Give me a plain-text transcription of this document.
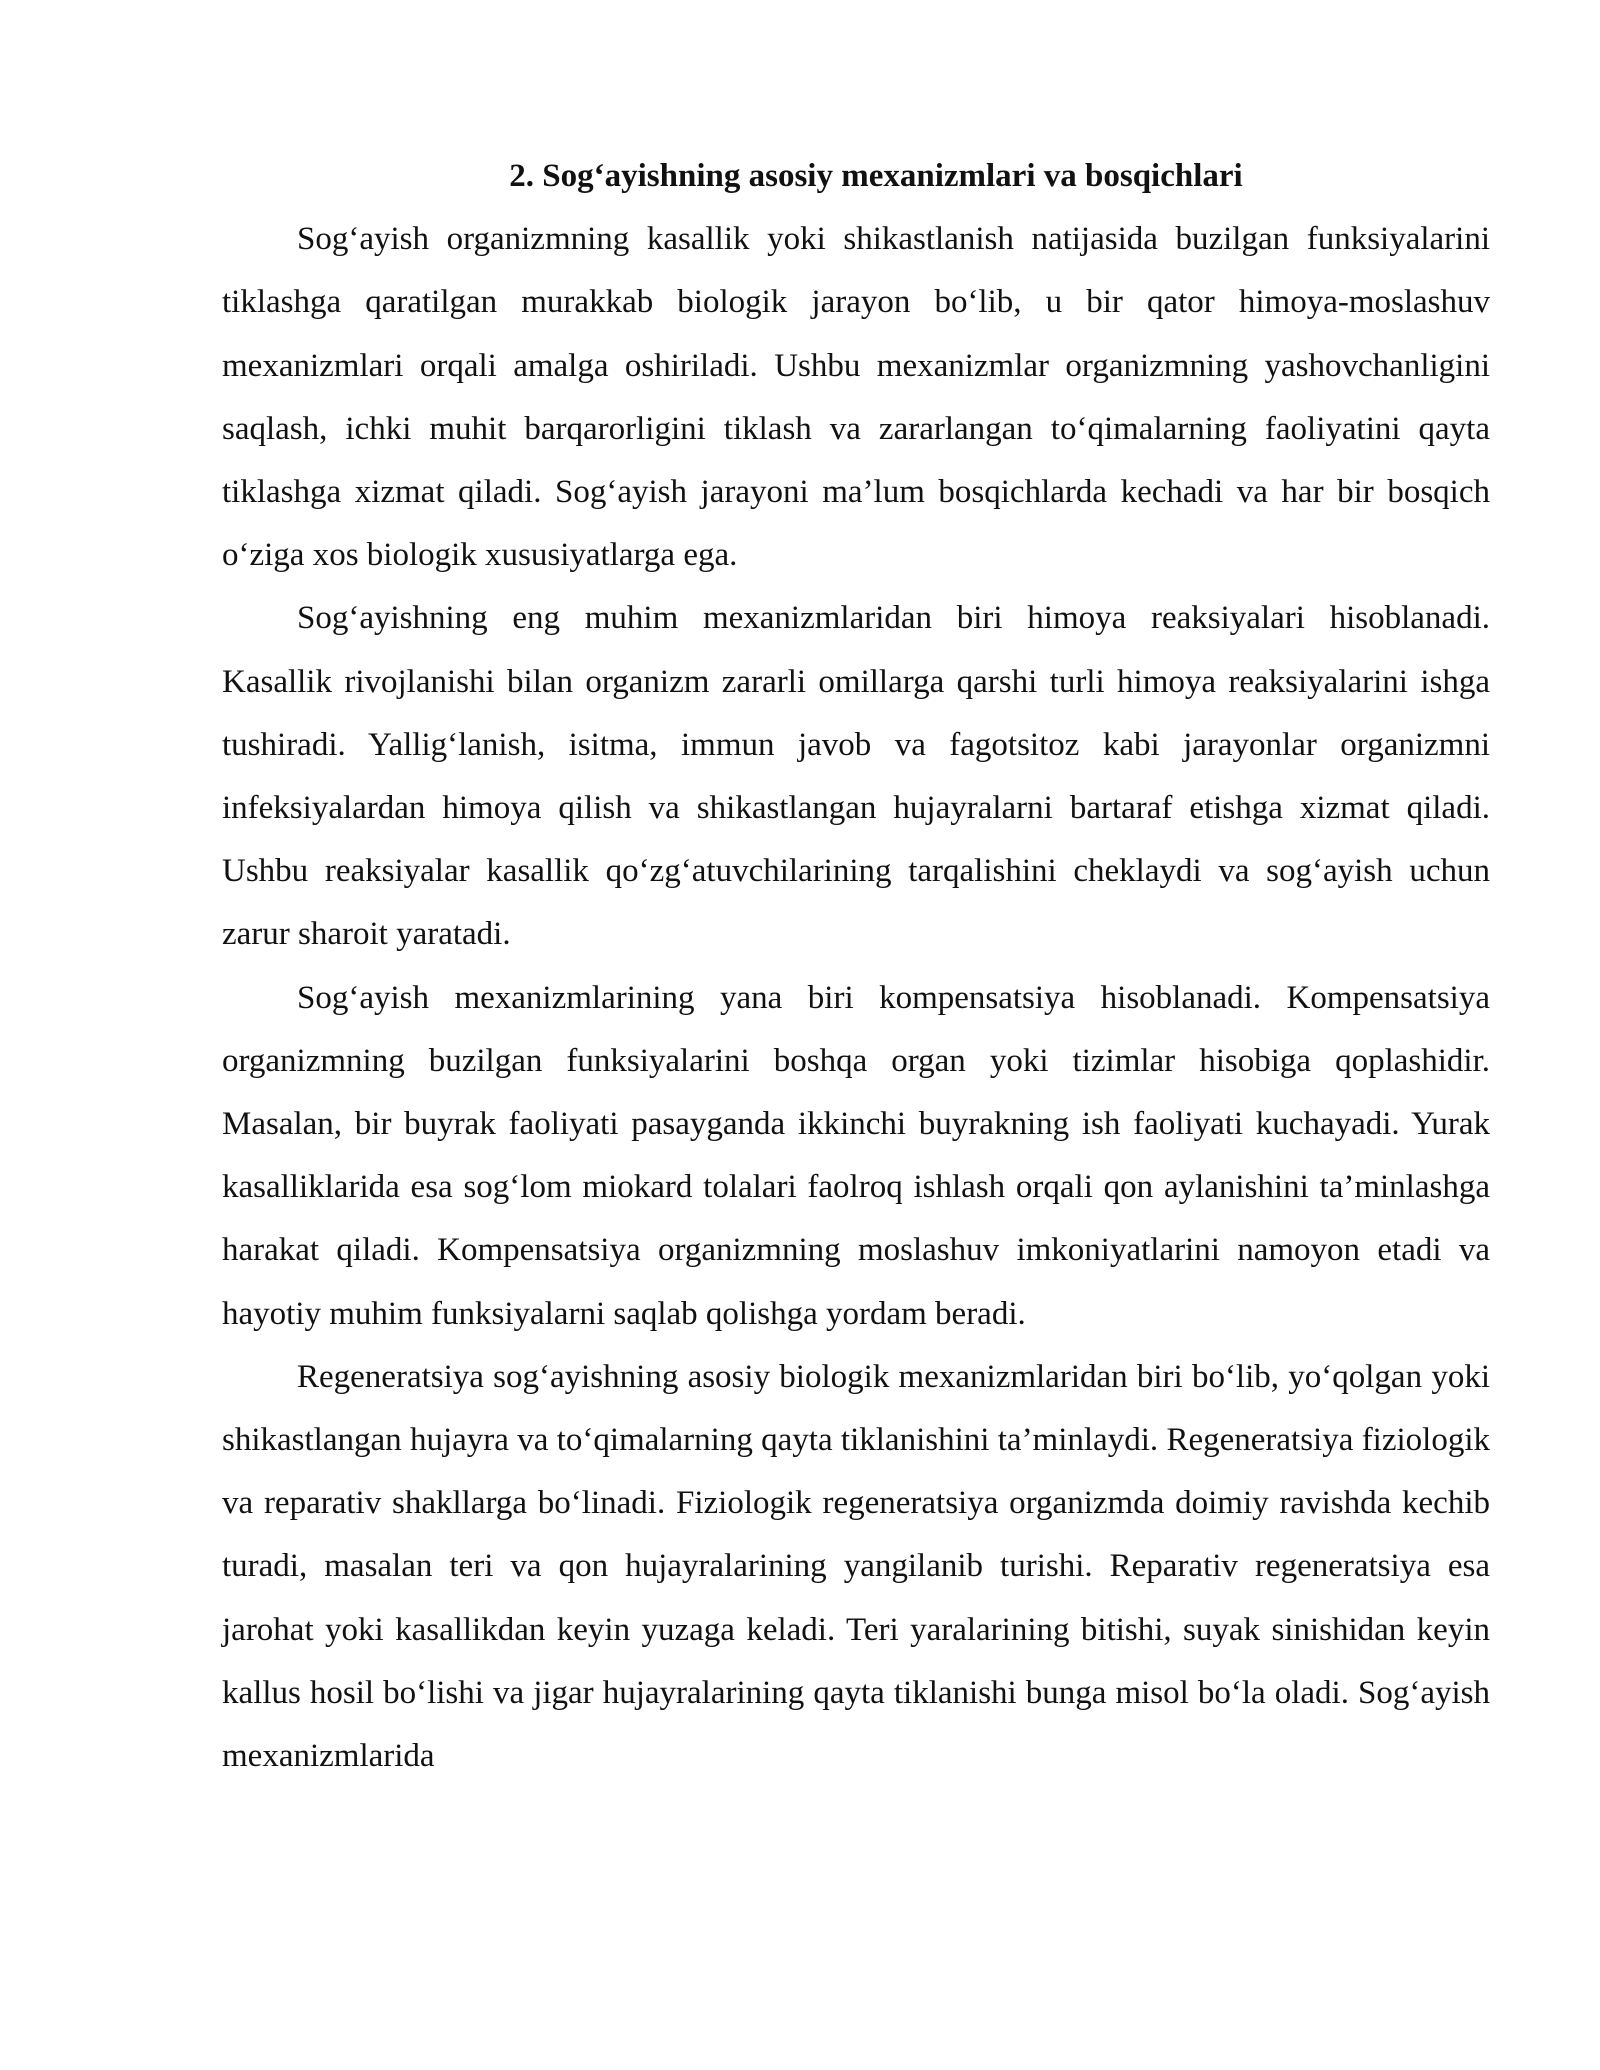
2. Sog‘ayishning asosiy mexanizmlari va bosqichlari

Sog‘ayish organizmning kasallik yoki shikastlanish natijasida buzilgan funksiyalarini tiklashga qaratilgan murakkab biologik jarayon bo‘lib, u bir qator himoya-moslashuv mexanizmlari orqali amalga oshiriladi. Ushbu mexanizmlar organizmning yashovchanligini saqlash, ichki muhit barqarorligini tiklash va zararlangan to‘qimalarning faoliyatini qayta tiklashga xizmat qiladi. Sog‘ayish jarayoni ma’lum bosqichlarda kechadi va har bir bosqich o‘ziga xos biologik xususiyatlarga ega.

Sog‘ayishning eng muhim mexanizmlaridan biri himoya reaksiyalari hisoblanadi. Kasallik rivojlanishi bilan organizm zararli omillarga qarshi turli himoya reaksiyalarini ishga tushiradi. Yallig‘lanish, isitma, immun javob va fagotsitoz kabi jarayonlar organizmni infeksiyalardan himoya qilish va shikastlangan hujayralarni bartaraf etishga xizmat qiladi. Ushbu reaksiyalar kasallik qo‘zg‘atuvchilarining tarqalishini cheklaydi va sog‘ayish uchun zarur sharoit yaratadi.

Sog‘ayish mexanizmlarining yana biri kompensatsiya hisoblanadi. Kompensatsiya organizmning buzilgan funksiyalarini boshqa organ yoki tizimlar hisobiga qoplashidir. Masalan, bir buyrak faoliyati pasayganda ikkinchi buyrakning ish faoliyati kuchayadi. Yurak kasalliklarida esa sog‘lom miokard tolalari faolroq ishlash orqali qon aylanishini ta’minlashga harakat qiladi. Kompensatsiya organizmning moslashuv imkoniyatlarini namoyon etadi va hayotiy muhim funksiyalarni saqlab qolishga yordam beradi.

Regeneratsiya sog‘ayishning asosiy biologik mexanizmlaridan biri bo‘lib, yo‘qolgan yoki shikastlangan hujayra va to‘qimalarning qayta tiklanishini ta’minlaydi. Regeneratsiya fiziologik va reparativ shakllarga bo‘linadi. Fiziologik regeneratsiya organizmda doimiy ravishda kechib turadi, masalan teri va qon hujayralarining yangilanib turishi. Reparativ regeneratsiya esa jarohat yoki kasallikdan keyin yuzaga keladi. Teri yaralarining bitishi, suyak sinishidan keyin kallus hosil bo‘lishi va jigar hujayralarining qayta tiklanishi bunga misol bo‘la oladi. Sog‘ayish mexanizmlarida
